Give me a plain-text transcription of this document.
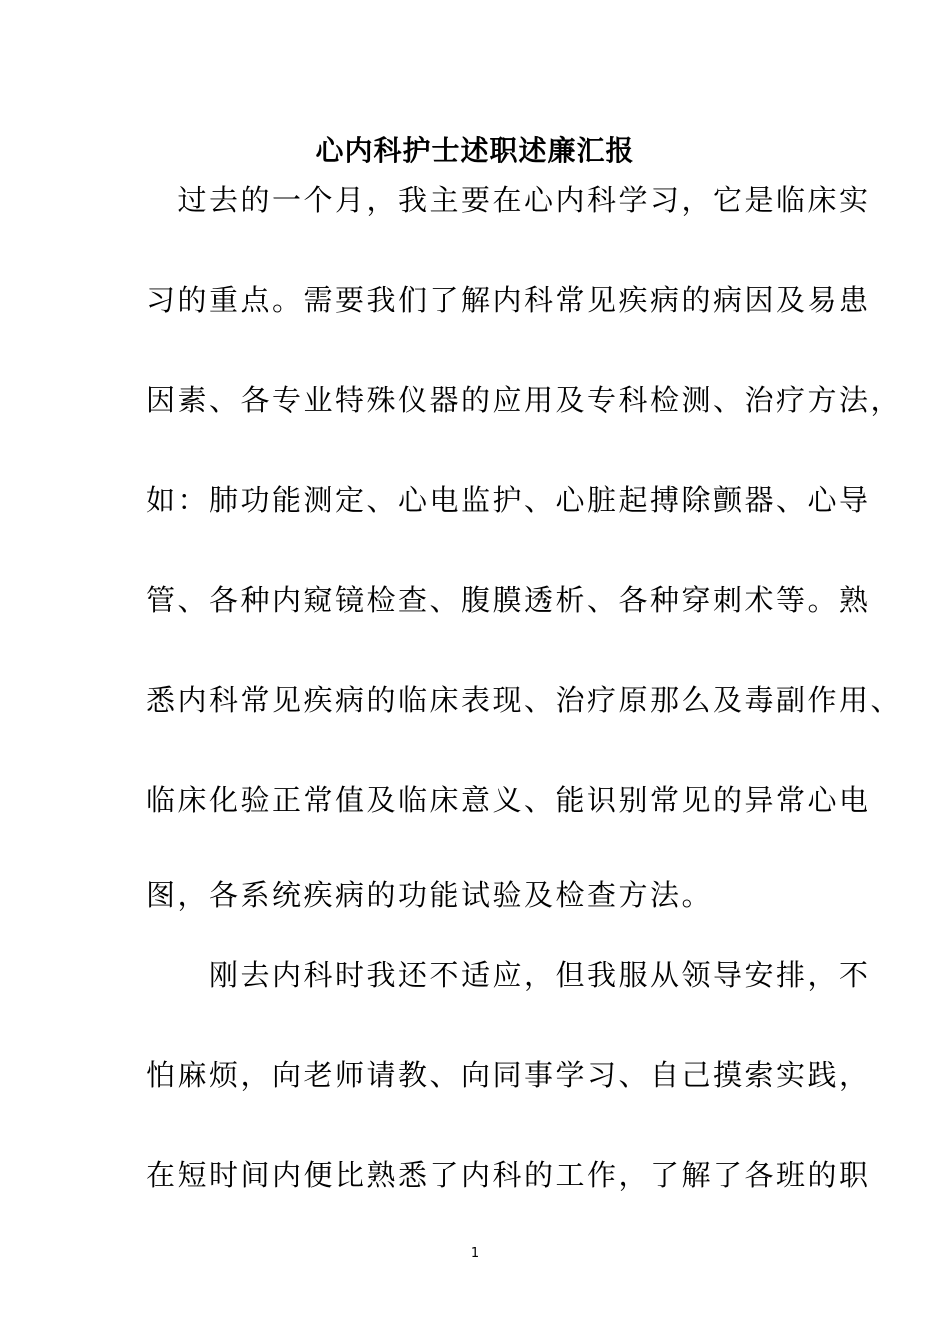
心内科护士述职述廉汇报
　过去的一个月，我主要在心内科学习，它是临床实
习的重点。需要我们了解内科常见疾病的病因及易患
因素、各专业特殊仪器的应用及专科检测、治疗方法，
如：肺功能测定、心电监护、心脏起搏除颤器、心导
管、各种内窥镜检查、腹膜透析、各种穿刺术等。熟
悉内科常见疾病的临床表现、治疗原那么及毒副作用、
临床化验正常值及临床意义、能识别常见的异常心电
图，各系统疾病的功能试验及检查方法。
　　刚去内科时我还不适应，但我服从领导安排，不
怕麻烦，向老师请教、向同事学习、自己摸索实践，
在短时间内便比熟悉了内科的工作，了解了各班的职
1
